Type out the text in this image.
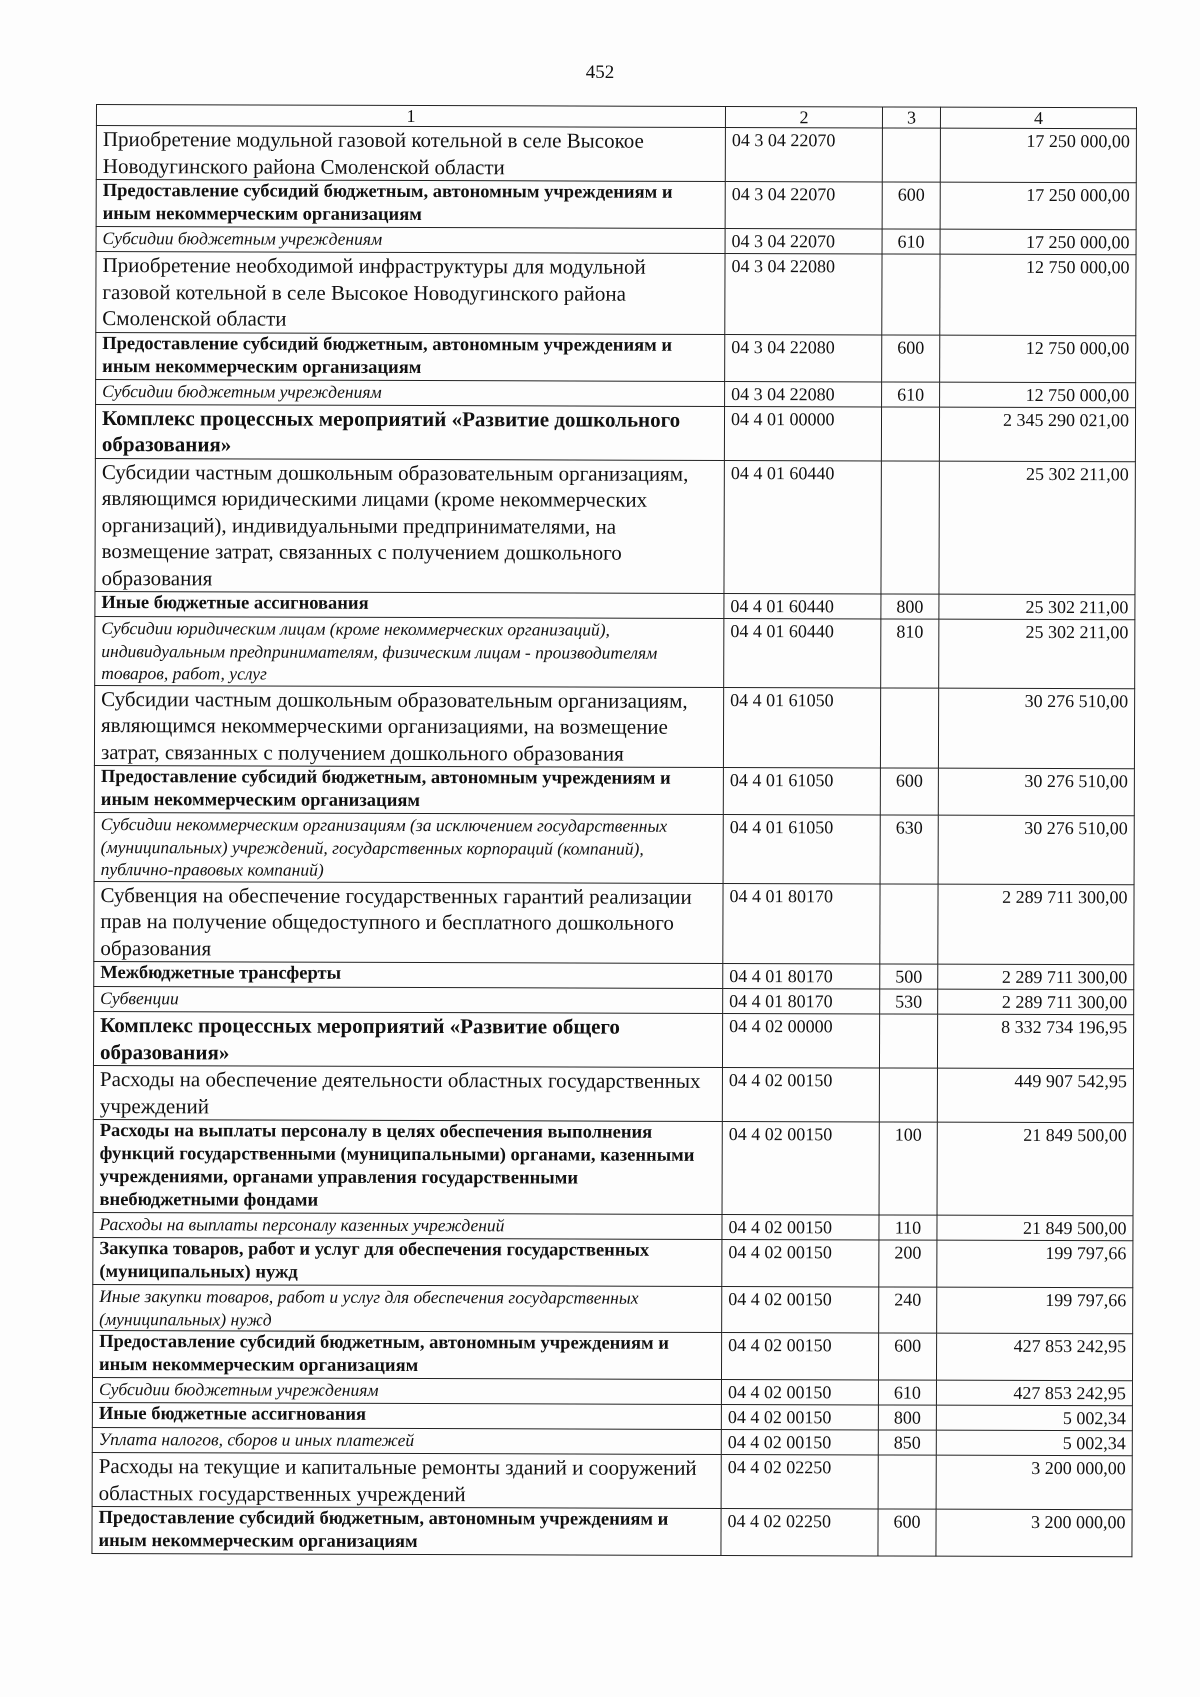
452
1	2	3	4
Приобретение модульной газовой котельной в селе Высокое Новодугинского района Смоленской области	04 3 04 22070		17 250 000,00
Предоставление субсидий бюджетным, автономным учреждениям и иным некоммерческим организациям	04 3 04 22070	600	17 250 000,00
Субсидии бюджетным учреждениям	04 3 04 22070	610	17 250 000,00
Приобретение необходимой инфраструктуры для модульной газовой котельной в селе Высокое Новодугинского района Смоленской области	04 3 04 22080		12 750 000,00
Предоставление субсидий бюджетным, автономным учреждениям и иным некоммерческим организациям	04 3 04 22080	600	12 750 000,00
Субсидии бюджетным учреждениям	04 3 04 22080	610	12 750 000,00
Комплекс процессных мероприятий «Развитие дошкольного образования»	04 4 01 00000		2 345 290 021,00
Субсидии частным дошкольным образовательным организациям, являющимся юридическими лицами (кроме некоммерческих организаций), индивидуальными предпринимателями, на возмещение затрат, связанных с получением дошкольного образования	04 4 01 60440		25 302 211,00
Иные бюджетные ассигнования	04 4 01 60440	800	25 302 211,00
Субсидии юридическим лицам (кроме некоммерческих организаций), индивидуальным предпринимателям, физическим лицам - производителям товаров, работ, услуг	04 4 01 60440	810	25 302 211,00
Субсидии частным дошкольным образовательным организациям, являющимся некоммерческими организациями, на возмещение затрат, связанных с получением дошкольного образования	04 4 01 61050		30 276 510,00
Предоставление субсидий бюджетным, автономным учреждениям и иным некоммерческим организациям	04 4 01 61050	600	30 276 510,00
Субсидии некоммерческим организациям (за исключением государственных (муниципальных) учреждений, государственных корпораций (компаний), публично-правовых компаний)	04 4 01 61050	630	30 276 510,00
Субвенция на обеспечение государственных гарантий реализации прав на получение общедоступного и бесплатного дошкольного образования	04 4 01 80170		2 289 711 300,00
Межбюджетные трансферты	04 4 01 80170	500	2 289 711 300,00
Субвенции	04 4 01 80170	530	2 289 711 300,00
Комплекс процессных мероприятий «Развитие общего образования»	04 4 02 00000		8 332 734 196,95
Расходы на обеспечение деятельности областных государственных учреждений	04 4 02 00150		449 907 542,95
Расходы на выплаты персоналу в целях обеспечения выполнения функций государственными (муниципальными) органами, казенными учреждениями, органами управления государственными внебюджетными фондами	04 4 02 00150	100	21 849 500,00
Расходы на выплаты персоналу казенных учреждений	04 4 02 00150	110	21 849 500,00
Закупка товаров, работ и услуг для обеспечения государственных (муниципальных) нужд	04 4 02 00150	200	199 797,66
Иные закупки товаров, работ и услуг для обеспечения государственных (муниципальных) нужд	04 4 02 00150	240	199 797,66
Предоставление субсидий бюджетным, автономным учреждениям и иным некоммерческим организациям	04 4 02 00150	600	427 853 242,95
Субсидии бюджетным учреждениям	04 4 02 00150	610	427 853 242,95
Иные бюджетные ассигнования	04 4 02 00150	800	5 002,34
Уплата налогов, сборов и иных платежей	04 4 02 00150	850	5 002,34
Расходы на текущие и капитальные ремонты зданий и сооружений областных государственных учреждений	04 4 02 02250		3 200 000,00
Предоставление субсидий бюджетным, автономным учреждениям и иным некоммерческим организациям	04 4 02 02250	600	3 200 000,00
